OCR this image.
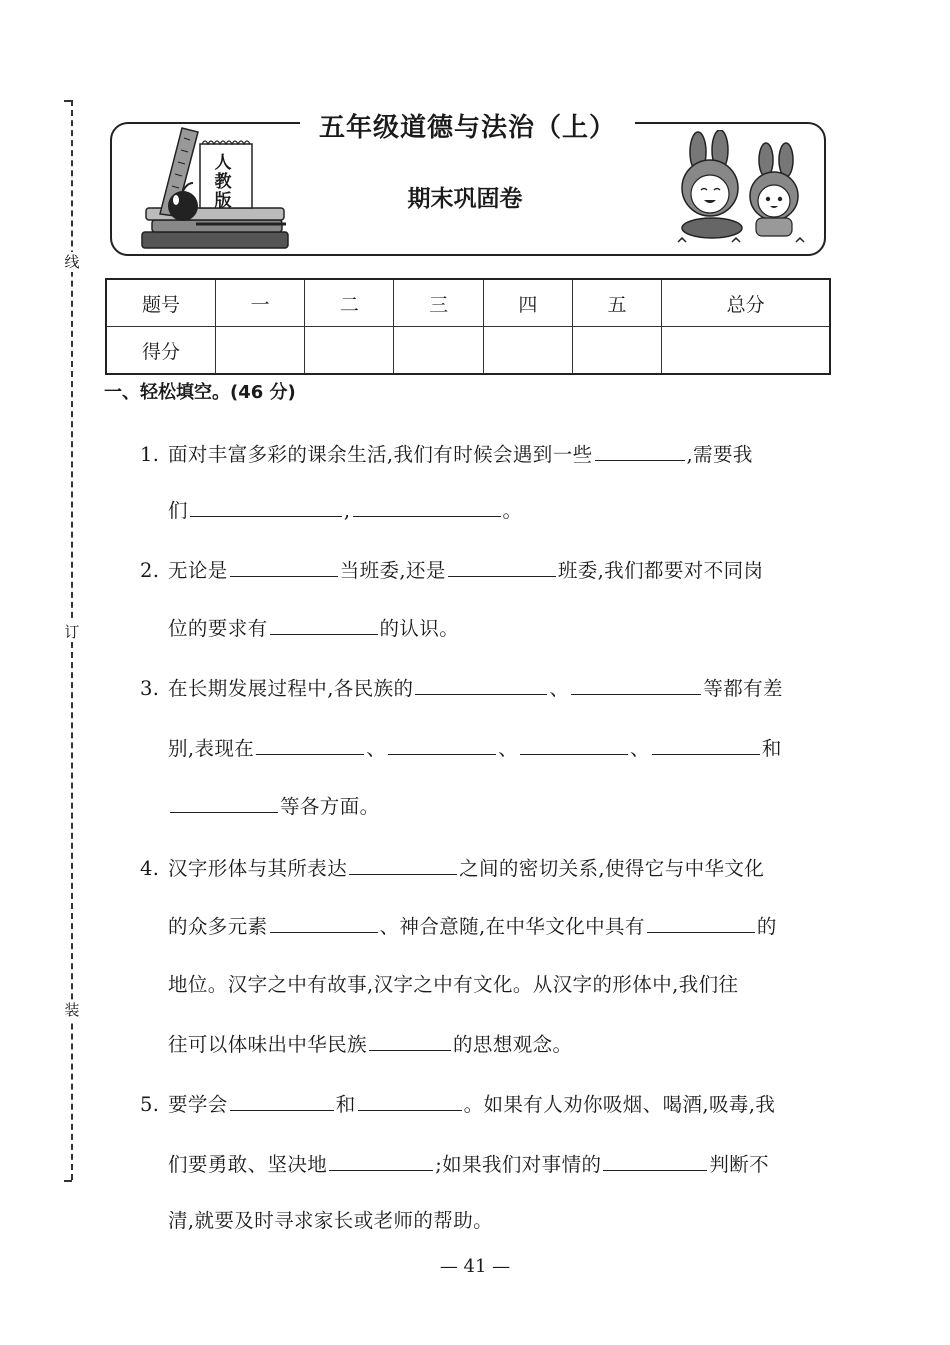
线
订
装
人
教
版
五年级道德与法治（上）
期末巩固卷
题号	一	二	三	四	五	总分
得分						
一、轻松填空。(46 分)
1. 面对丰富多彩的课余生活,我们有时候会遇到一些	,需要我
们	,	。
2. 无论是	当班委,还是	班委,我们都要对不同岗
位的要求有	的认识。
3. 在长期发展过程中,各民族的	、	等都有差
别,表现在	、	、	、	和
等各方面。
4. 汉字形体与其所表达	之间的密切关系,使得它与中华文化
的众多元素	、神合意随,在中华文化中具有	的
地位。汉字之中有故事,汉字之中有文化。从汉字的形体中,我们往
往可以体味出中华民族	的思想观念。
5. 要学会	和	。如果有人劝你吸烟、喝酒,吸毒,我
们要勇敢、坚决地	;如果我们对事情的	判断不
清,就要及时寻求家长或老师的帮助。
— 41 —
